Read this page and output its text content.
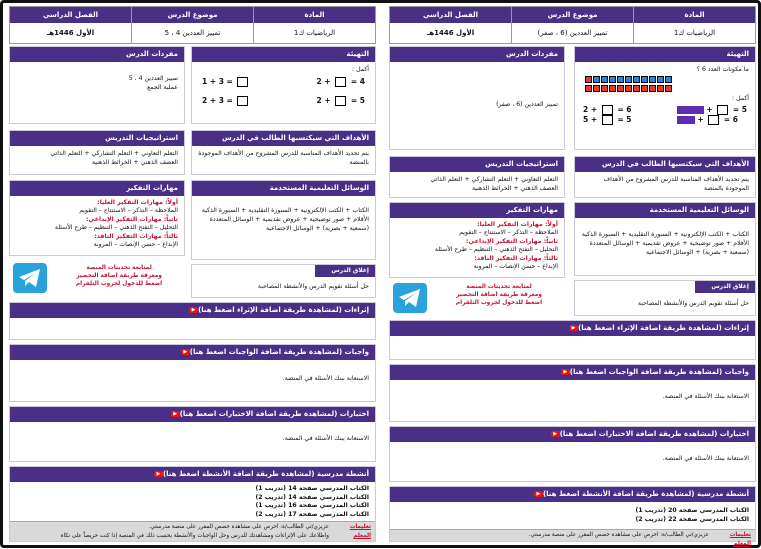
المادة
الرياضيات ك1
موضوع الدرس
تمييز العددين 4 ، 5
الفصل الدراسي
الأول 1446هـ
التهيئة
أكمل :
1 + 3 =	2 +  = 4
2 + 3 =	2 +  = 5
مفردات الدرس
تمييز العددين 4 ، 5
عملية الجمع
الأهداف التي سيكتسبها الطالب في الدرس
يتم تحديد الأهداف المناسبة للدرس المشروح من الأهداف الموجودة بالمنصة
استراتيجيات التدريس
التعلم التعاوني + التعلم التشاركي + التعلم الذاتي
العصف الذهني + الخرائط الذهنية
الوسائل التعليمية المستخدمة
الكتاب + الكتب الإلكترونية + السبورة التقليدية + السبورة الذكية
الأقلام + صور توضيحية + عروض تقديمية + الوسائل المتعددة
(سمعية + بصرية) + الوسائل الاجتماعية
مهارات التفكير
أولاً: مهارات التفكير العليا:
الملاحظة – التذكر – الاستنتاج – التقويم
ثانياً: مهارات التفكير الإبداعي:
التحليل – التفتح الذهني – التنظيم – طرح الأسئلة
ثالثاً: مهارات التفكير الناقد:
الإبداع – حسن الإنصات – المرونة
إغلاق الدرس
حل أسئلة تقويم الدرس والأنشطة المصاحبة
لمتابعة تحديثات المنصة
ومعرفة طريقة اضافة التحضير
اضغط للدخول لجروب التلقرام
إثراءات (لمشاهدة طريقة اضافة الإثراء اضغط هنا)▶
واجبات (لمشاهدة طريقة اضافة الواجبات اضغط هنا)▶
الاستعانة ببنك الأسئلة في المنصة.
اختبارات (لمشاهدة طريقة اضافة الاختبارات اضغط هنا)▶
الاستعانة ببنك الأسئلة في المنصة.
أنشطة مدرسية (لمشاهدة طريقة اضافة الأنشطة اضغط هنا)▶
الكتاب المدرسي صفحة 14 (تدريب 1)
الكتاب المدرسي صفحة 14 (تدريب 2)
الكتاب المدرسي صفحة 16 (تدريب 1)
الكتاب المدرسي صفحة 17 (تدريب 2)
تعليمات المعلم
عزيزي/تي الطالب/ة: احرص على مشاهدة حصص المقرر على منصة مدرستي.
واطلاعك على الإثراءات ومشاهدتك للدرس وحل الواجبات والأنشطة بحسب ذلك في المنصة إذا كنت حريصاً على نكاة
المادة
الرياضيات ك1
موضوع الدرس
تمييز العددين (6 ، صفر)
الفصل الدراسي
الأول 1446هـ
التهيئة
ما مكونات العدد 6 ؟
أكمل :
2 +  = 6
5 +  = 5
+  = 5
+  = 6
مفردات الدرس
تمييز العددين (6 ، صفر)
الأهداف التي سيكتسبها الطالب في الدرس
يتم تحديد الأهداف المناسبة للدرس المشروح من الأهداف الموجودة بالمنصة
استراتيجيات التدريس
التعلم التعاوني + التعلم التشاركي + التعلم الذاتي
العصف الذهني + الخرائط الذهنية
الوسائل التعليمية المستخدمة
الكتاب + الكتب الإلكترونية + السبورة التقليدية + السبورة الذكية
الأقلام + صور توضيحية + عروض تقديمية + الوسائل المتعددة
(سمعية + بصرية) + الوسائل الاجتماعية
مهارات التفكير
أولاً: مهارات التفكير العليا:
الملاحظة – التذكر – الاستنتاج – التقويم
ثانياً: مهارات التفكير الإبداعي:
التحليل – التفتح الذهني – التنظيم – طرح الأسئلة
ثالثاً: مهارات التفكير الناقد:
الإبداع – حسن الإنصات – المرونة
إغلاق الدرس
حل أسئلة تقويم الدرس والأنشطة المصاحبة
لمتابعة تحديثات المنصة
ومعرفة طريقة اضافة التحضير
اضغط للدخول لجروب التلقرام
إثراءات (لمشاهدة طريقة اضافة الإثراء اضغط هنا)▶
واجبات (لمشاهدة طريقة اضافة الواجبات اضغط هنا)▶
الاستعانة ببنك الأسئلة في المنصة.
اختبارات (لمشاهدة طريقة اضافة الاختبارات اضغط هنا)▶
الاستعانة ببنك الأسئلة في المنصة.
أنشطة مدرسية (لمشاهدة طريقة اضافة الأنشطة اضغط هنا)▶
الكتاب المدرسي صفحة 20 (تدريب 1)
الكتاب المدرسي صفحة 22 (تدريب 2)
تعليمات المعلم
عزيزي/تي الطالب/ة: احرص على مشاهدة حصص المقرر على منصة مدرستي.
